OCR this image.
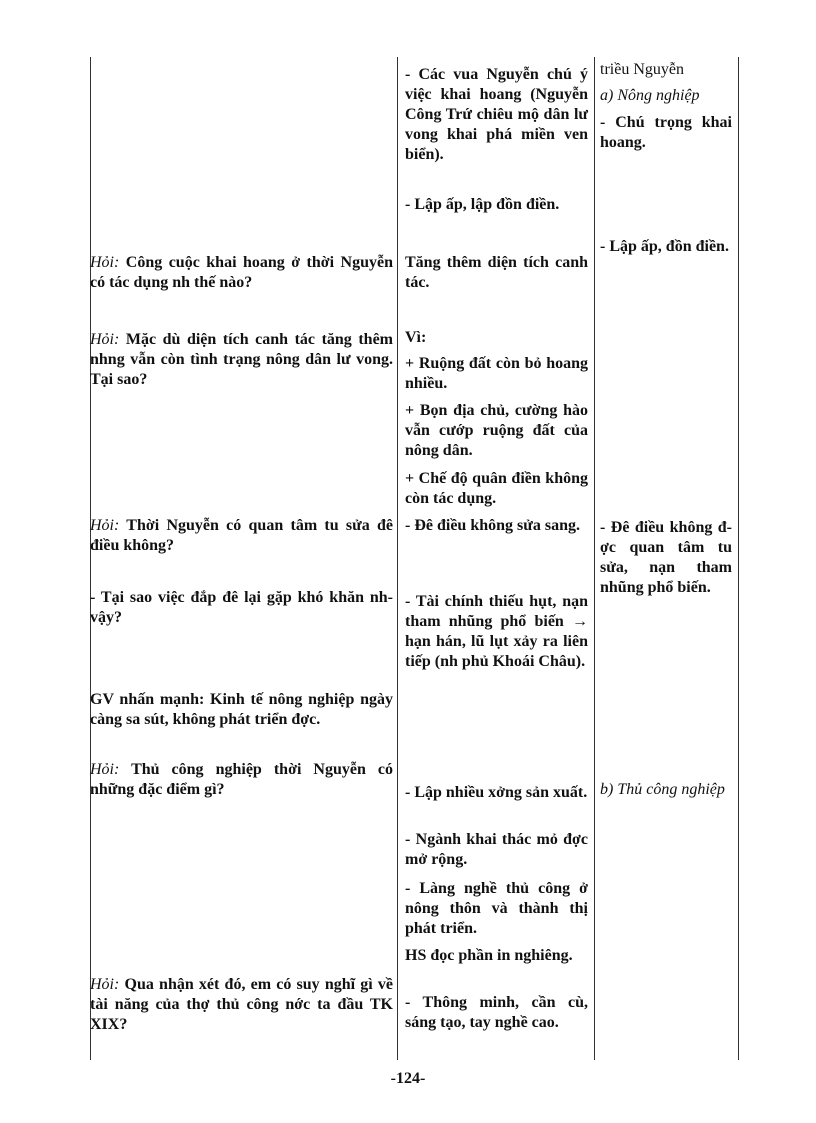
Hỏi: Công cuộc khai hoang ở thời Nguyễn có tác dụng nh thế nào?
Hỏi: Mặc dù diện tích canh tác tăng thêm nhng vẫn còn tình trạng nông dân lư vong. Tại sao?
Hỏi: Thời Nguyễn có quan tâm tu sửa đê điều không?
- Tại sao việc đắp đê lại gặp khó khăn nh vậy?
GV nhấn mạnh: Kinh tế nông nghiệp ngày càng sa sút, không phát triển đợc.
Hỏi: Thủ công nghiệp thời Nguyễn có những đặc điểm gì?
Hỏi: Qua nhận xét đó, em có suy nghĩ gì về tài năng của thợ thủ công nớc ta đầu TK XIX?
- Các vua Nguyễn chú ý việc khai hoang (Nguyễn Công Trứ chiêu mộ dân lư vong khai phá miền ven biển).
- Lập ấp, lập đồn điền.
Tăng thêm diện tích canh tác.
Vì:
+ Ruộng đất còn bỏ hoang nhiều.
+ Bọn địa chủ, cường hào vẫn cướp ruộng đất của nông dân.
+ Chế độ quân điền không còn tác dụng.
- Đê điều không sửa sang.
- Tài chính thiếu hụt, nạn tham nhũng phổ biến → hạn hán, lũ lụt xảy ra liên tiếp (nh phủ Khoái Châu).
- Lập nhiều xởng sản xuất.
- Ngành khai thác mỏ đợc mở rộng.
- Làng nghề thủ công ở nông thôn và thành thị phát triển.
HS đọc phần in nghiêng.
- Thông minh, cần cù, sáng tạo, tay nghề cao.
triều Nguyễn
a) Nông nghiệp
- Chú trọng khai hoang.
- Lập ấp, đồn điền.
- Đê điều không đợc quan tâm tu sửa, nạn tham nhũng phổ biến.
b) Thủ công nghiệp
-124-
